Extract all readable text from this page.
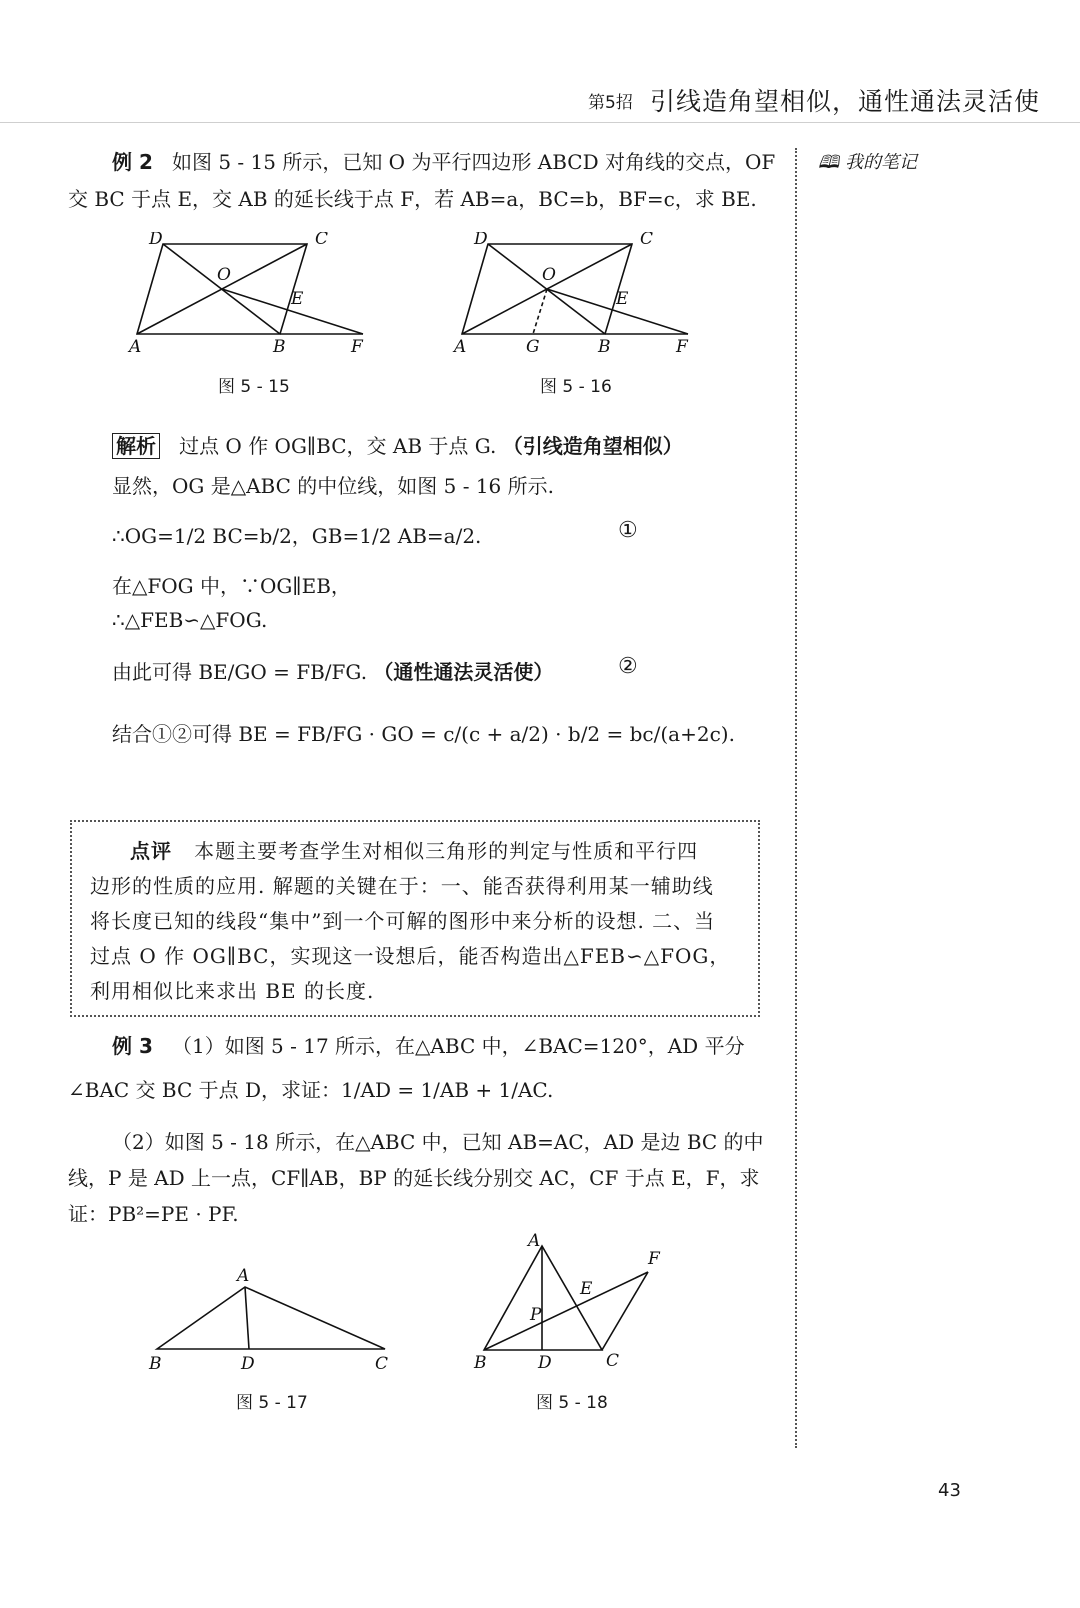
第5招 引线造角望相似，通性通法灵活使
🕮 我的笔记
例 2 如图 5 - 15 所示，已知 O 为平行四边形 ABCD 对角线的交点，OF
交 BC 于点 E，交 AB 的延长线于点 F，若 AB=a，BC=b，BF=c，求 BE.
D	C
O
E
A	B	F
图 5 - 15
D	C
O
E
A	G	B	F
图 5 - 16
解析 过点 O 作 OG∥BC，交 AB 于点 G. （引线造角望相似）
显然，OG 是△ABC 的中位线，如图 5 - 16 所示.
∴OG=1/2 BC=b/2，GB=1/2 AB=a/2.	①
在△FOG 中，∵OG∥EB，
∴△FEB∽△FOG.
由此可得 BE/GO = FB/FG. （通性通法灵活使）	②
结合①②可得 BE = FB/FG · GO = c/(c + a/2) · b/2 = bc/(a+2c).
点评 本题主要考查学生对相似三角形的判定与性质和平行四
边形的性质的应用. 解题的关键在于：一、能否获得利用某一辅助线
将长度已知的线段“集中”到一个可解的图形中来分析的设想. 二、当
过点 O 作 OG∥BC，实现这一设想后，能否构造出△FEB∽△FOG，
利用相似比来求出 BE 的长度.
例 3 （1）如图 5 - 17 所示，在△ABC 中，∠BAC=120°，AD 平分
∠BAC 交 BC 于点 D，求证：1/AD = 1/AB + 1/AC.
（2）如图 5 - 18 所示，在△ABC 中，已知 AB=AC，AD 是边 BC 的中
线，P 是 AD 上一点，CF∥AB，BP 的延长线分别交 AC，CF 于点 E，F，求
证：PB²=PE · PF.
A
B	D	C
图 5 - 17
A
F
E
P
B	D	C
图 5 - 18
43
